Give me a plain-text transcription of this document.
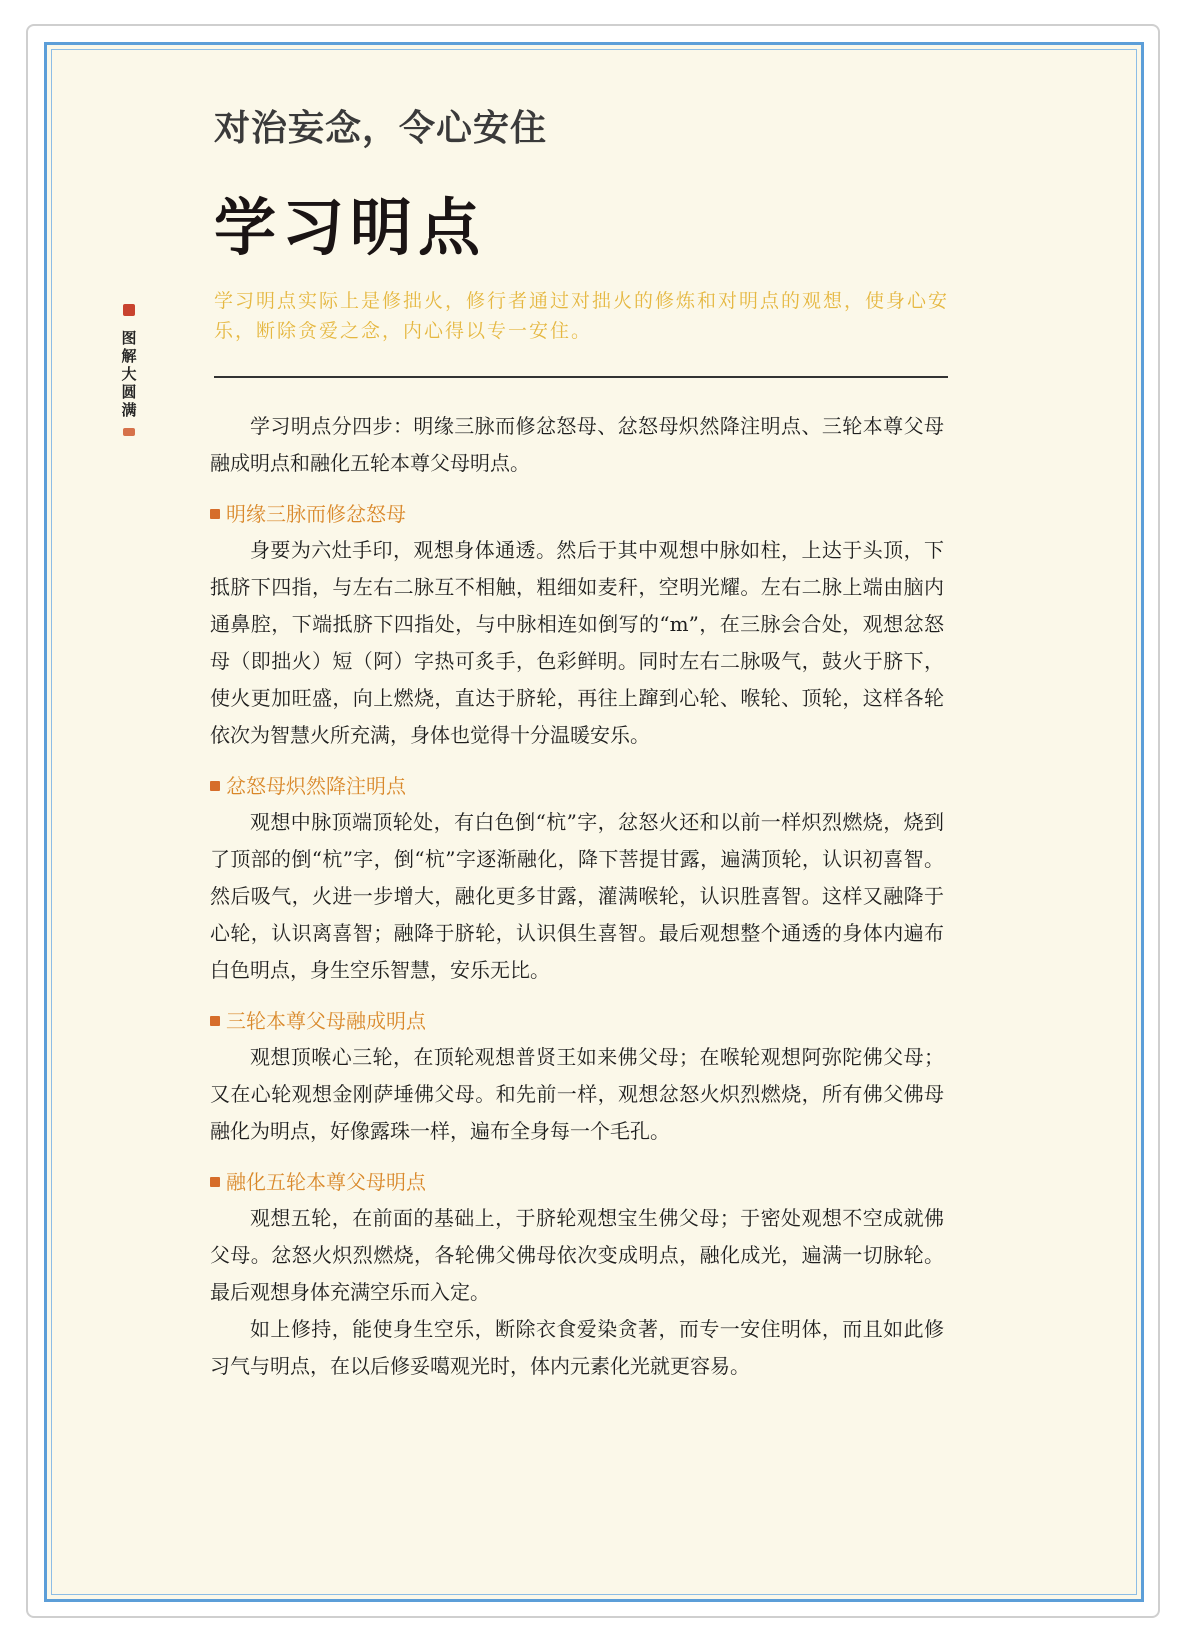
对治妄念，令心安住
学习明点

学习明点实际上是修拙火，修行者通过对拙火的修炼和对明点的观想，使身心安乐，断除贪爱之念，内心得以专一安住。

图解大圆满

学习明点分四步：明缘三脉而修忿怒母、忿怒母炽然降注明点、三轮本尊父母融成明点和融化五轮本尊父母明点。

明缘三脉而修忿怒母

身要为六灶手印，观想身体通透。然后于其中观想中脉如柱，上达于头顶，下抵脐下四指，与左右二脉互不相触，粗细如麦秆，空明光耀。左右二脉上端由脑内通鼻腔，下端抵脐下四指处，与中脉相连如倒写的“m”，在三脉会合处，观想忿怒母（即拙火）短（阿）字热可炙手，色彩鲜明。同时左右二脉吸气，鼓火于脐下，使火更加旺盛，向上燃烧，直达于脐轮，再往上蹿到心轮、喉轮、顶轮，这样各轮依次为智慧火所充满，身体也觉得十分温暖安乐。

忿怒母炽然降注明点

观想中脉顶端顶轮处，有白色倒“杭”字，忿怒火还和以前一样炽烈燃烧，烧到了顶部的倒“杭”字，倒“杭”字逐渐融化，降下菩提甘露，遍满顶轮，认识初喜智。然后吸气，火进一步增大，融化更多甘露，灌满喉轮，认识胜喜智。这样又融降于心轮，认识离喜智；融降于脐轮，认识俱生喜智。最后观想整个通透的身体内遍布白色明点，身生空乐智慧，安乐无比。

三轮本尊父母融成明点

观想顶喉心三轮，在顶轮观想普贤王如来佛父母；在喉轮观想阿弥陀佛父母；又在心轮观想金刚萨埵佛父母。和先前一样，观想忿怒火炽烈燃烧，所有佛父佛母融化为明点，好像露珠一样，遍布全身每一个毛孔。

融化五轮本尊父母明点

观想五轮，在前面的基础上，于脐轮观想宝生佛父母；于密处观想不空成就佛父母。忿怒火炽烈燃烧，各轮佛父佛母依次变成明点，融化成光，遍满一切脉轮。最后观想身体充满空乐而入定。

如上修持，能使身生空乐，断除衣食爱染贪著，而专一安住明体，而且如此修习气与明点，在以后修妥噶观光时，体内元素化光就更容易。
